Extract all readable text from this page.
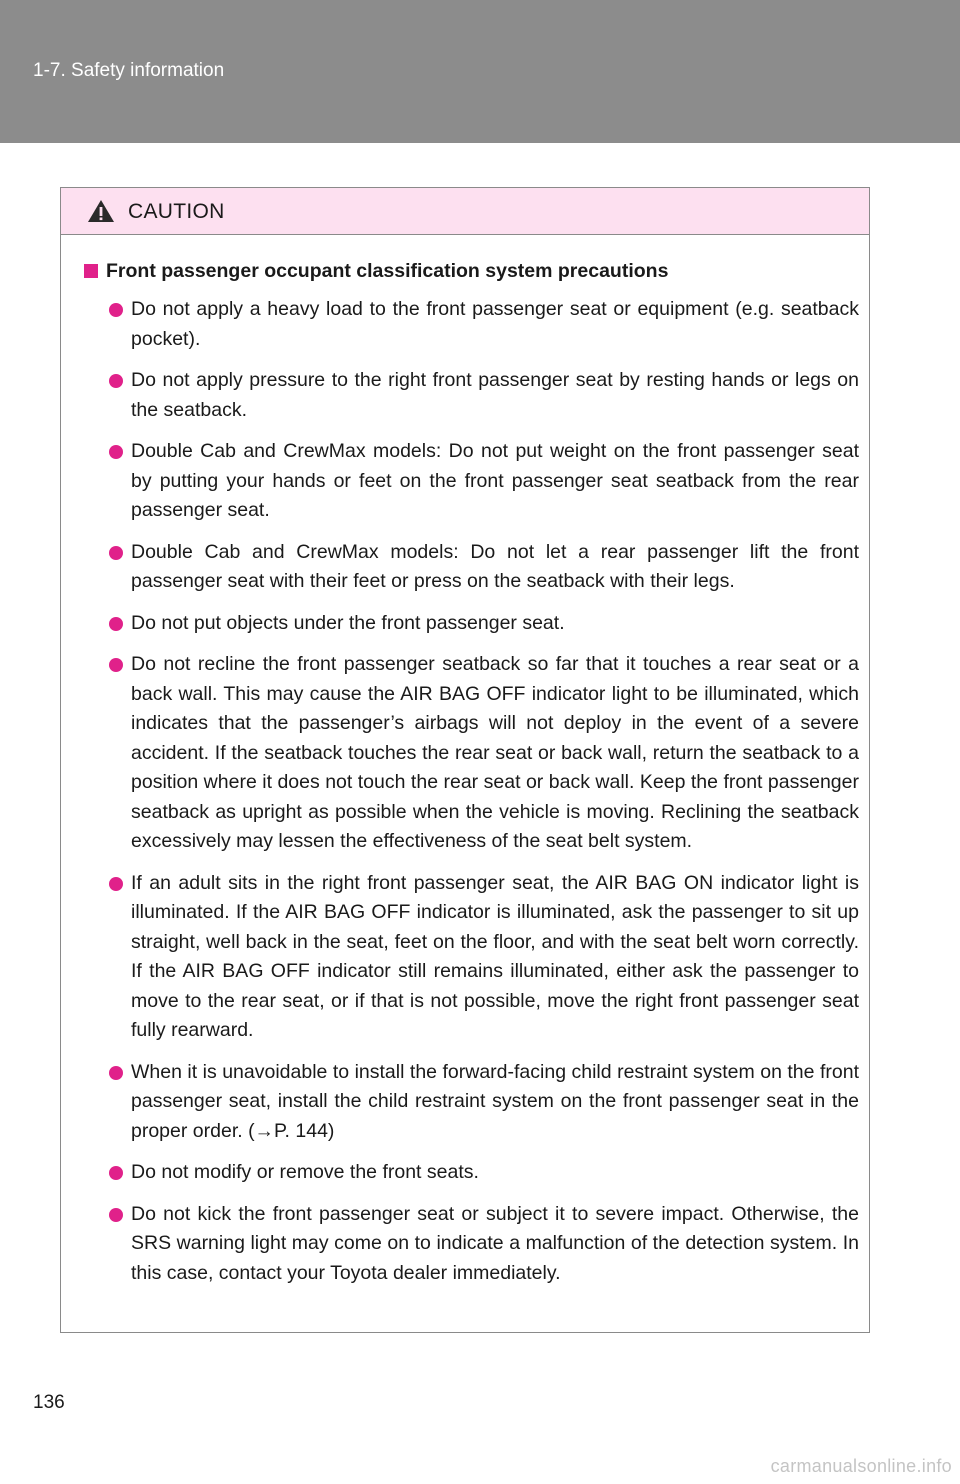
1-7. Safety information
CAUTION
Front passenger occupant classification system precautions
Do not apply a heavy load to the front passenger seat or equipment (e.g. seatback pocket).
Do not apply pressure to the right front passenger seat by resting hands or legs on the seatback.
Double Cab and CrewMax models: Do not put weight on the front passenger seat by putting your hands or feet on the front passenger seat seatback from the rear passenger seat.
Double Cab and CrewMax models: Do not let a rear passenger lift the front passenger seat with their feet or press on the seatback with their legs.
Do not put objects under the front passenger seat.
Do not recline the front passenger seatback so far that it touches a rear seat or a back wall. This may cause the AIR BAG OFF indicator light to be illuminated, which indicates that the passenger’s airbags will not deploy in the event of a severe accident. If the seatback touches the rear seat or back wall, return the seatback to a position where it does not touch the rear seat or back wall. Keep the front passenger seatback as upright as possible when the vehicle is moving. Reclining the seatback excessively may lessen the effectiveness of the seat belt system.
If an adult sits in the right front passenger seat, the AIR BAG ON indicator light is illuminated. If the AIR BAG OFF indicator is illuminated, ask the passenger to sit up straight, well back in the seat, feet on the floor, and with the seat belt worn correctly. If the AIR BAG OFF indicator still remains illuminated, either ask the passenger to move to the rear seat, or if that is not possible, move the right front passenger seat fully rearward.
When it is unavoidable to install the forward-facing child restraint system on the front passenger seat, install the child restraint system on the front passenger seat in the proper order. (→P. 144)
Do not modify or remove the front seats.
Do not kick the front passenger seat or subject it to severe impact. Otherwise, the SRS warning light may come on to indicate a malfunction of the detection system. In this case, contact your Toyota dealer immediately.
136
carmanualsonline.info
